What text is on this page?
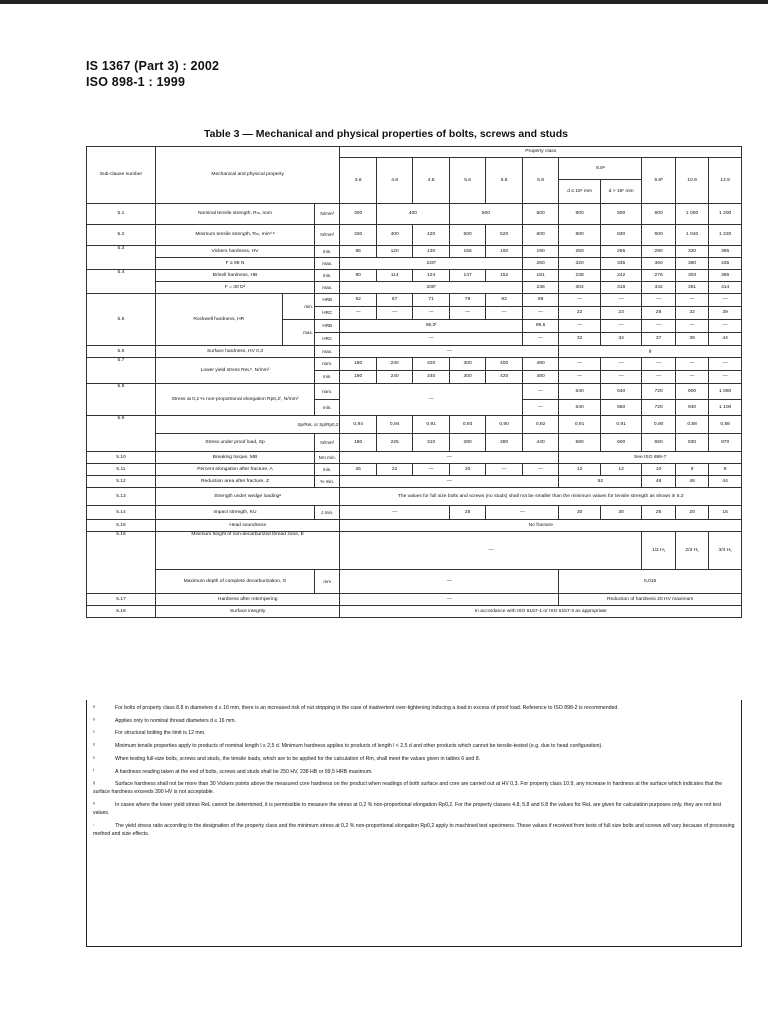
IS 1367 (Part 3) : 2002
ISO 898-1 : 1999
Table 3 — Mechanical and physical properties of bolts, screws and studs
Sub-clause number	Mechanical and physical property			Property class										
				3.6	4.6	4.8	5.6	5.8	6.8	8.8ᵃ		9.8ᵇ	10.9	12.9
										d ≤ 16ᶜ mm	d > 16ᶜ mm			
5.1	Nominal tensile strength, Rₘ, nom		N/mm²	300	400		500		600	800	800	900	1 000	1 200
5.2	Minimum tensile strength, Rₘ, minᵈ ᵉ		N/mm²	330	400	420	500	520	600	800	830	900	1 040	1 220
5.3	Vickers hardness, HV		min.	95	120	130	155	160	190	250	255	290	320	385
	F ≥ 98 N		max.	220ᶠ					250	320	335	360	380	435
5.4	Brinell hardness, HB		min.	90	114	124	147	152	181	238	242	276	304	366
	F = 30 D²		max.	209ᶠ					238	304	318	342	361	414
5.5	Rockwell hardness, HR	min.	HRB	52	67	71	79	82	89	—	—	—	—	—
			HRC	—	—	—	—	—	—	22	23	28	32	39
		max.	HRB	95,0ᶠ					99,5	—	—	—	—	—
			HRC	—					—	32	34	37	39	44
5.6	Surface hardness, HV 0,3		max.	—						g				
5.7	Lower yield stress ReLʰ, N/mm²		nom.	180	240	320	300	400	480	—	—	—	—	—
			min.	190	240	340	300	420	480	—	—	—	—	—
5.8	Stress at 0,2 % non-proportional elongation Rp0,2ⁱ, N/mm²		nom.	—					—	640	640	720	900	1 080
			min.						—	640	660	720	940	1 100
5.9	Sp/ReL or Sp/Rp0,2			0,94	0,94	0,91	0,93	0,90	0,92	0,91	0,91	0,90	0,88	0,88
	Stress under proof load, Sp		N/mm²	180	225	310	280	380	440	580	600	650	830	970
5.10	Breaking torque, MB		Nm min.	—						See ISO 898-7				
5.11	Percent elongation after fracture, A		min.	25	22	—	20	—	—	12	12	10	9	8
5.12	Reduction area after fracture, Z		% min.	—						52		48	48	44
5.13	Strength under wedge loadingᵉ			The values for full size bolts and screws (no studs) shall not be smaller than the minimum values for tensile strength as shown in 5.2										
5.14	Impact strength, KU		J min.	—			25	—		30	30	25	20	15
5.15	Head soundness			No fracture										
5.16	Minimum height of non-decarburized thread zone, E			—								1/2 H₁	2/3 H₁	3/4 H₁
	Maximum depth of complete decarburization, G		mm	—						0,015				
5.17	Hardness after retempering			—						Reduction of hardness 20 HV maximum				
5.18	Surface integrity			In accordance with ISO 6157-1 or ISO 6157-3 as appropriate										
ᵃ	For bolts of property class 8.8 in diameters d ≤ 16 mm, there is an increased risk of nut stripping in the case of inadvertent over-tightening inducing a load in excess of proof load. Reference to ISO 898-2 is recommended.
ᵇ	Applies only to nominal thread diameters d ≤ 16 mm.
ᶜ	For structural bolting the limit is 12 mm.
ᵈ	Minimum tensile properties apply to products of nominal length l ≥ 2,5 d. Minimum hardness applies to products of length l < 2,5 d and other products which cannot be tensile-tested (e.g. due to head configuration).
ᵉ	When testing full-size bolts, screws and studs, the tensile loads, which are to be applied for the calculation of Rm, shall meet the values given in tables 6 and 8.
ᶠ	A hardness reading taken at the end of bolts, screws and studs shall be 250 HV, 238 HB or 99,5 HRB maximum.
ᵍ	Surface hardness shall not be more than 30 Vickers points above the measured core hardness on the product when readings of both surface and core are carried out at HV 0,3. For property class 10.9, any increase in hardness at the surface which indicates that the surface hardness exceeds 390 HV is not acceptable.
ʰ	In cases where the lower yield stress ReL cannot be determined, it is permissible to measure the stress at 0,2 % non-proportional elongation Rp0,2. For the property classes 4.8, 5.8 and 6.8 the values for ReL are given for calculation purposes only, they are not test values.
ⁱ	The yield stress ratio according to the designation of the property class and the minimum stress at 0,2 % non-proportional elongation Rp0,2 apply to machined test specimens. These values if received from tests of full size bolts and screws will vary because of processing method and size effects.
